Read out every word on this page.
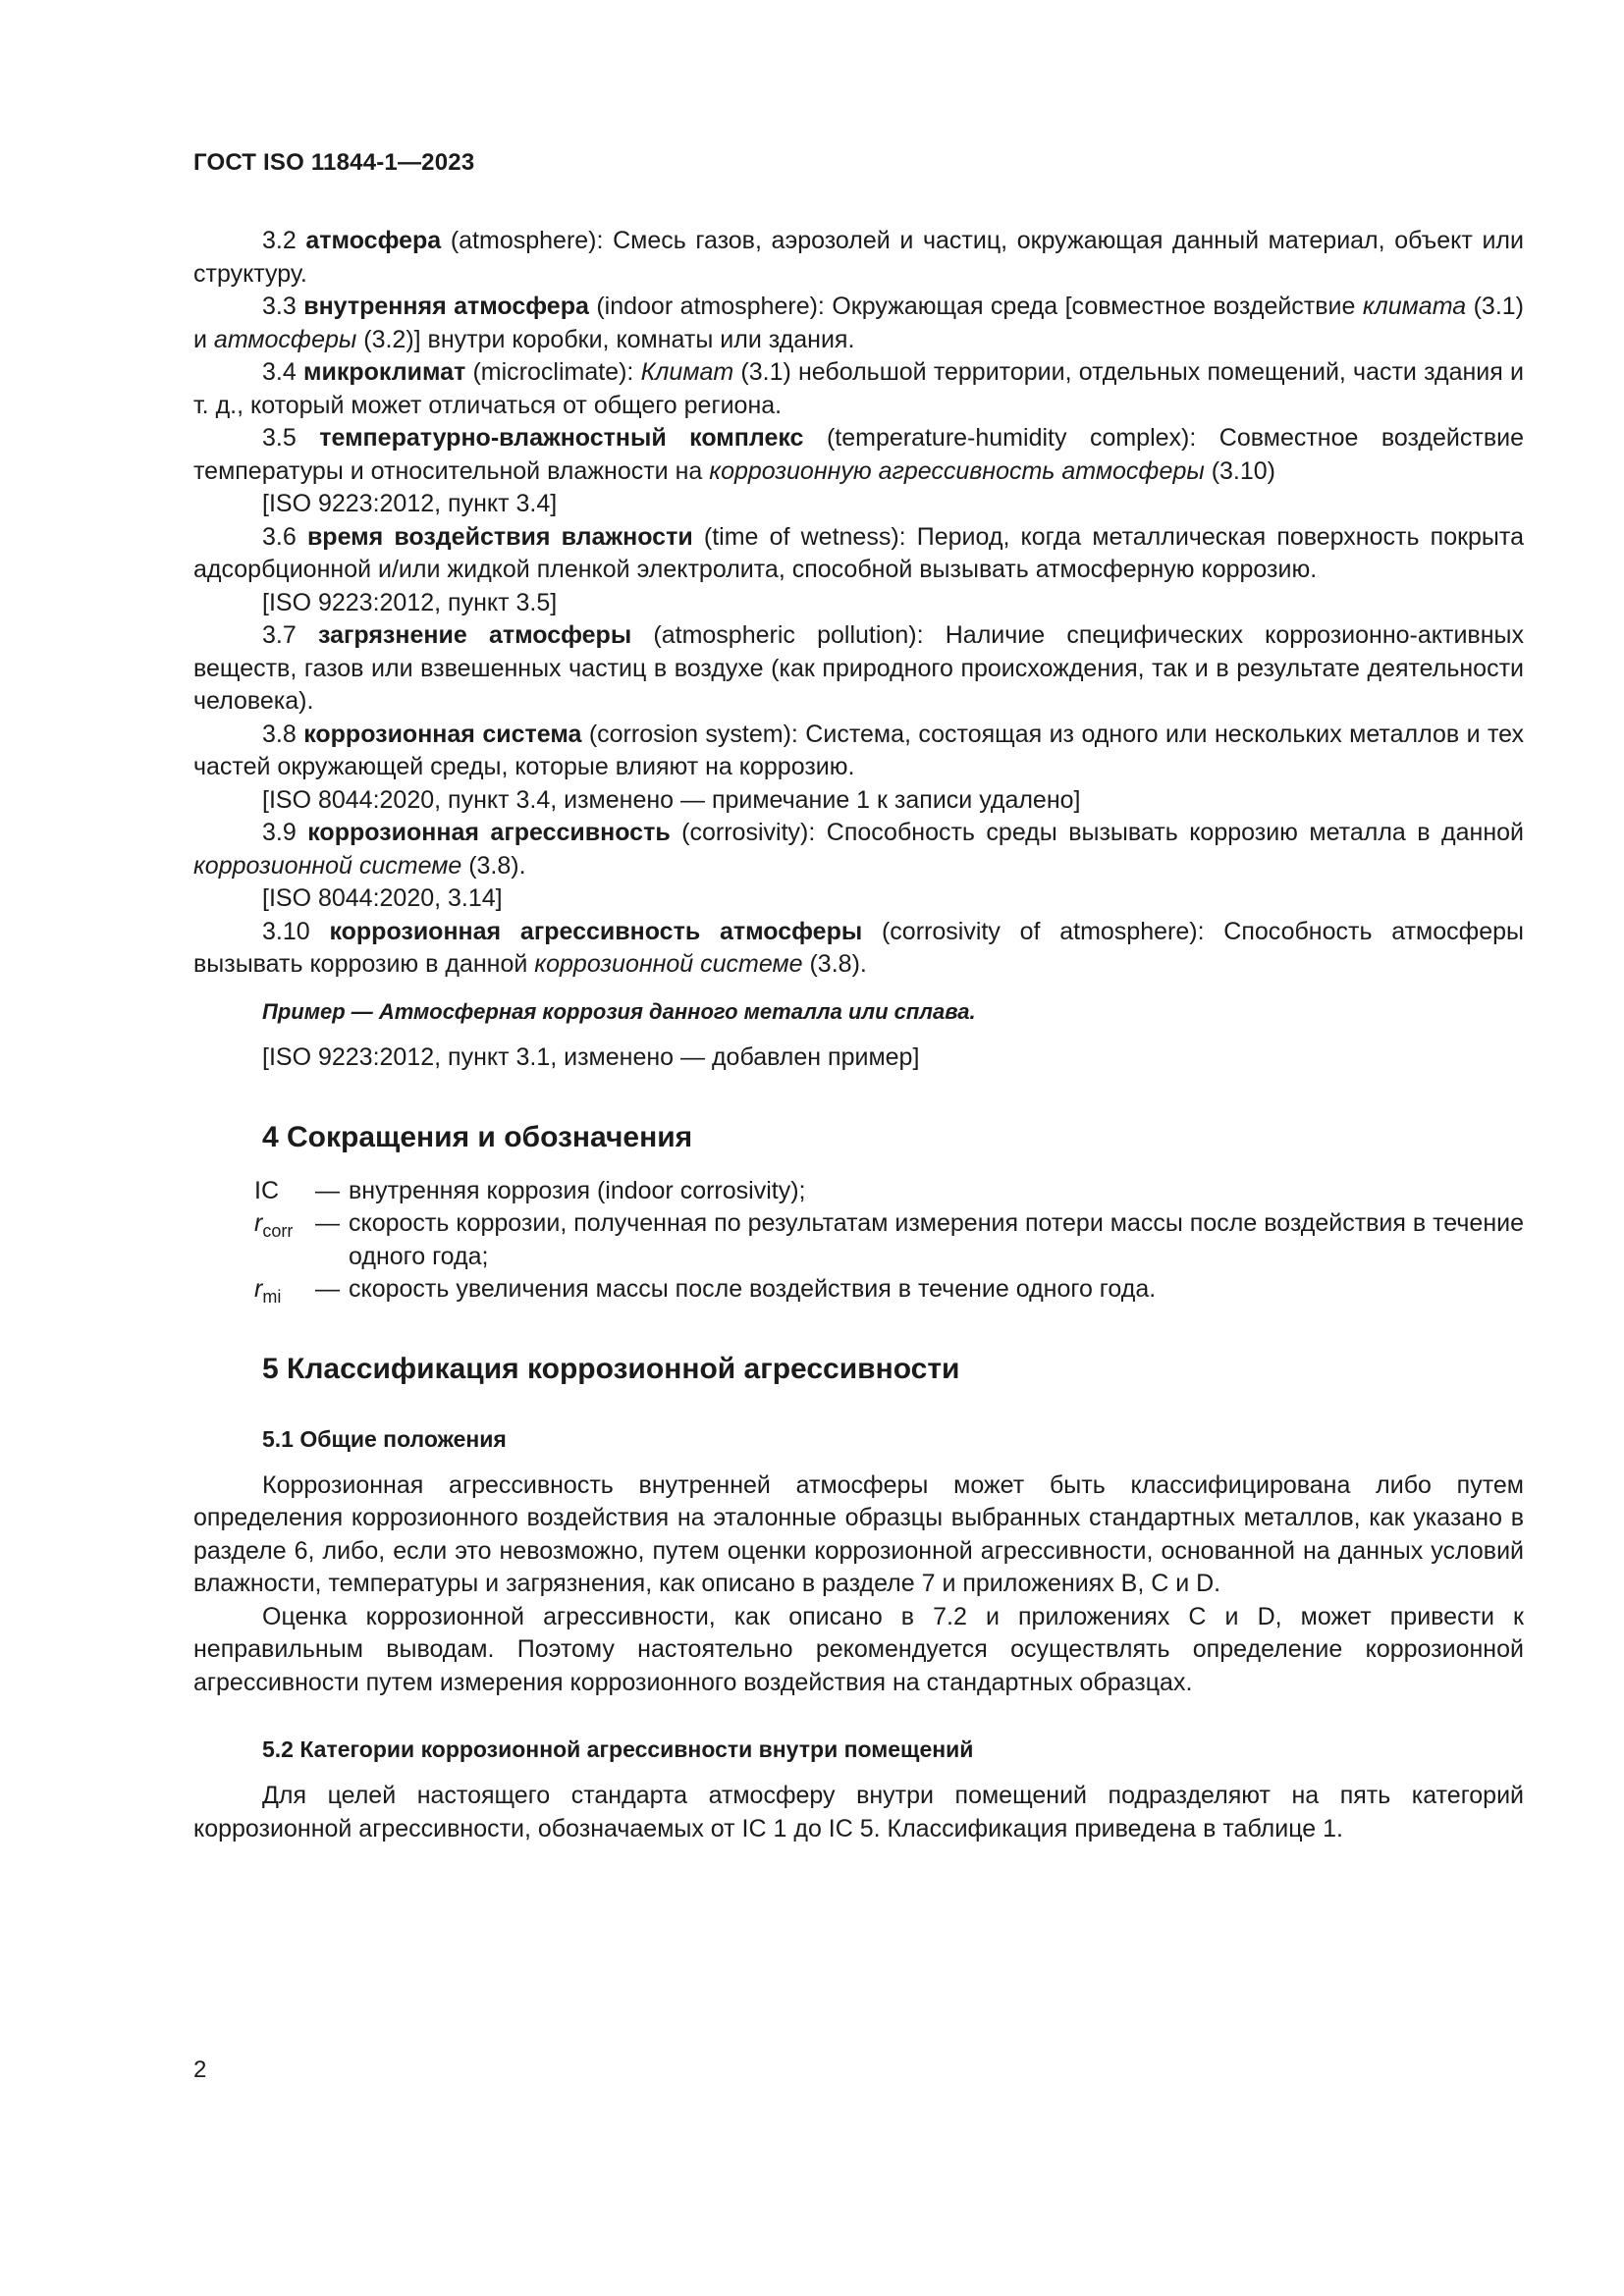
ГОСТ ISO 11844-1—2023

3.2 атмосфера (atmosphere): Смесь газов, аэрозолей и частиц, окружающая данный материал, объект или структуру.

3.3 внутренняя атмосфера (indoor atmosphere): Окружающая среда [совместное воздействие климата (3.1) и атмосферы (3.2)] внутри коробки, комнаты или здания.

3.4 микроклимат (microclimate): Климат (3.1) небольшой территории, отдельных помещений, части здания и т. д., который может отличаться от общего региона.

3.5 температурно-влажностный комплекс (temperature-humidity complex): Совместное воздействие температуры и относительной влажности на коррозионную агрессивность атмосферы (3.10)

[ISO 9223:2012, пункт 3.4]

3.6 время воздействия влажности (time of wetness): Период, когда металлическая поверхность покрыта адсорбционной и/или жидкой пленкой электролита, способной вызывать атмосферную коррозию.

[ISO 9223:2012, пункт 3.5]

3.7 загрязнение атмосферы (atmospheric pollution): Наличие специфических коррозионно-активных веществ, газов или взвешенных частиц в воздухе (как природного происхождения, так и в результате деятельности человека).

3.8 коррозионная система (corrosion system): Система, состоящая из одного или нескольких металлов и тех частей окружающей среды, которые влияют на коррозию.

[ISO 8044:2020, пункт 3.4, изменено — примечание 1 к записи удалено]

3.9 коррозионная агрессивность (corrosivity): Способность среды вызывать коррозию металла в данной коррозионной системе (3.8).

[ISO 8044:2020, 3.14]

3.10 коррозионная агрессивность атмосферы (corrosivity of atmosphere): Способность атмосферы вызывать коррозию в данной коррозионной системе (3.8).

Пример — Атмосферная коррозия данного металла или сплава.

[ISO 9223:2012, пункт 3.1, изменено — добавлен пример]

4 Сокращения и обозначения
IC	— внутренняя коррозия (indoor corrosivity);
$r_{corr}$ — скорость коррозии, полученная по результатам измерения потери массы после воздействия в течение одного года;
$r_{mi}$	— скорость увеличения массы после воздействия в течение одного года.
5 Классификация коррозионной агрессивности
5.1 Общие положения

Коррозионная агрессивность внутренней атмосферы может быть классифицирована либо путем определения коррозионного воздействия на эталонные образцы выбранных стандартных металлов, как указано в разделе 6, либо, если это невозможно, путем оценки коррозионной агрессивности, основанной на данных условий влажности, температуры и загрязнения, как описано в разделе 7 и приложениях B, C и D.

Оценка коррозионной агрессивности, как описано в 7.2 и приложениях C и D, может привести к неправильным выводам. Поэтому настоятельно рекомендуется осуществлять определение коррозионной агрессивности путем измерения коррозионного воздействия на стандартных образцах.

5.2 Категории коррозионной агрессивности внутри помещений

Для целей настоящего стандарта атмосферу внутри помещений подразделяют на пять категорий коррозионной агрессивности, обозначаемых от IC 1 до IC 5. Классификация приведена в таблице 1.

2
